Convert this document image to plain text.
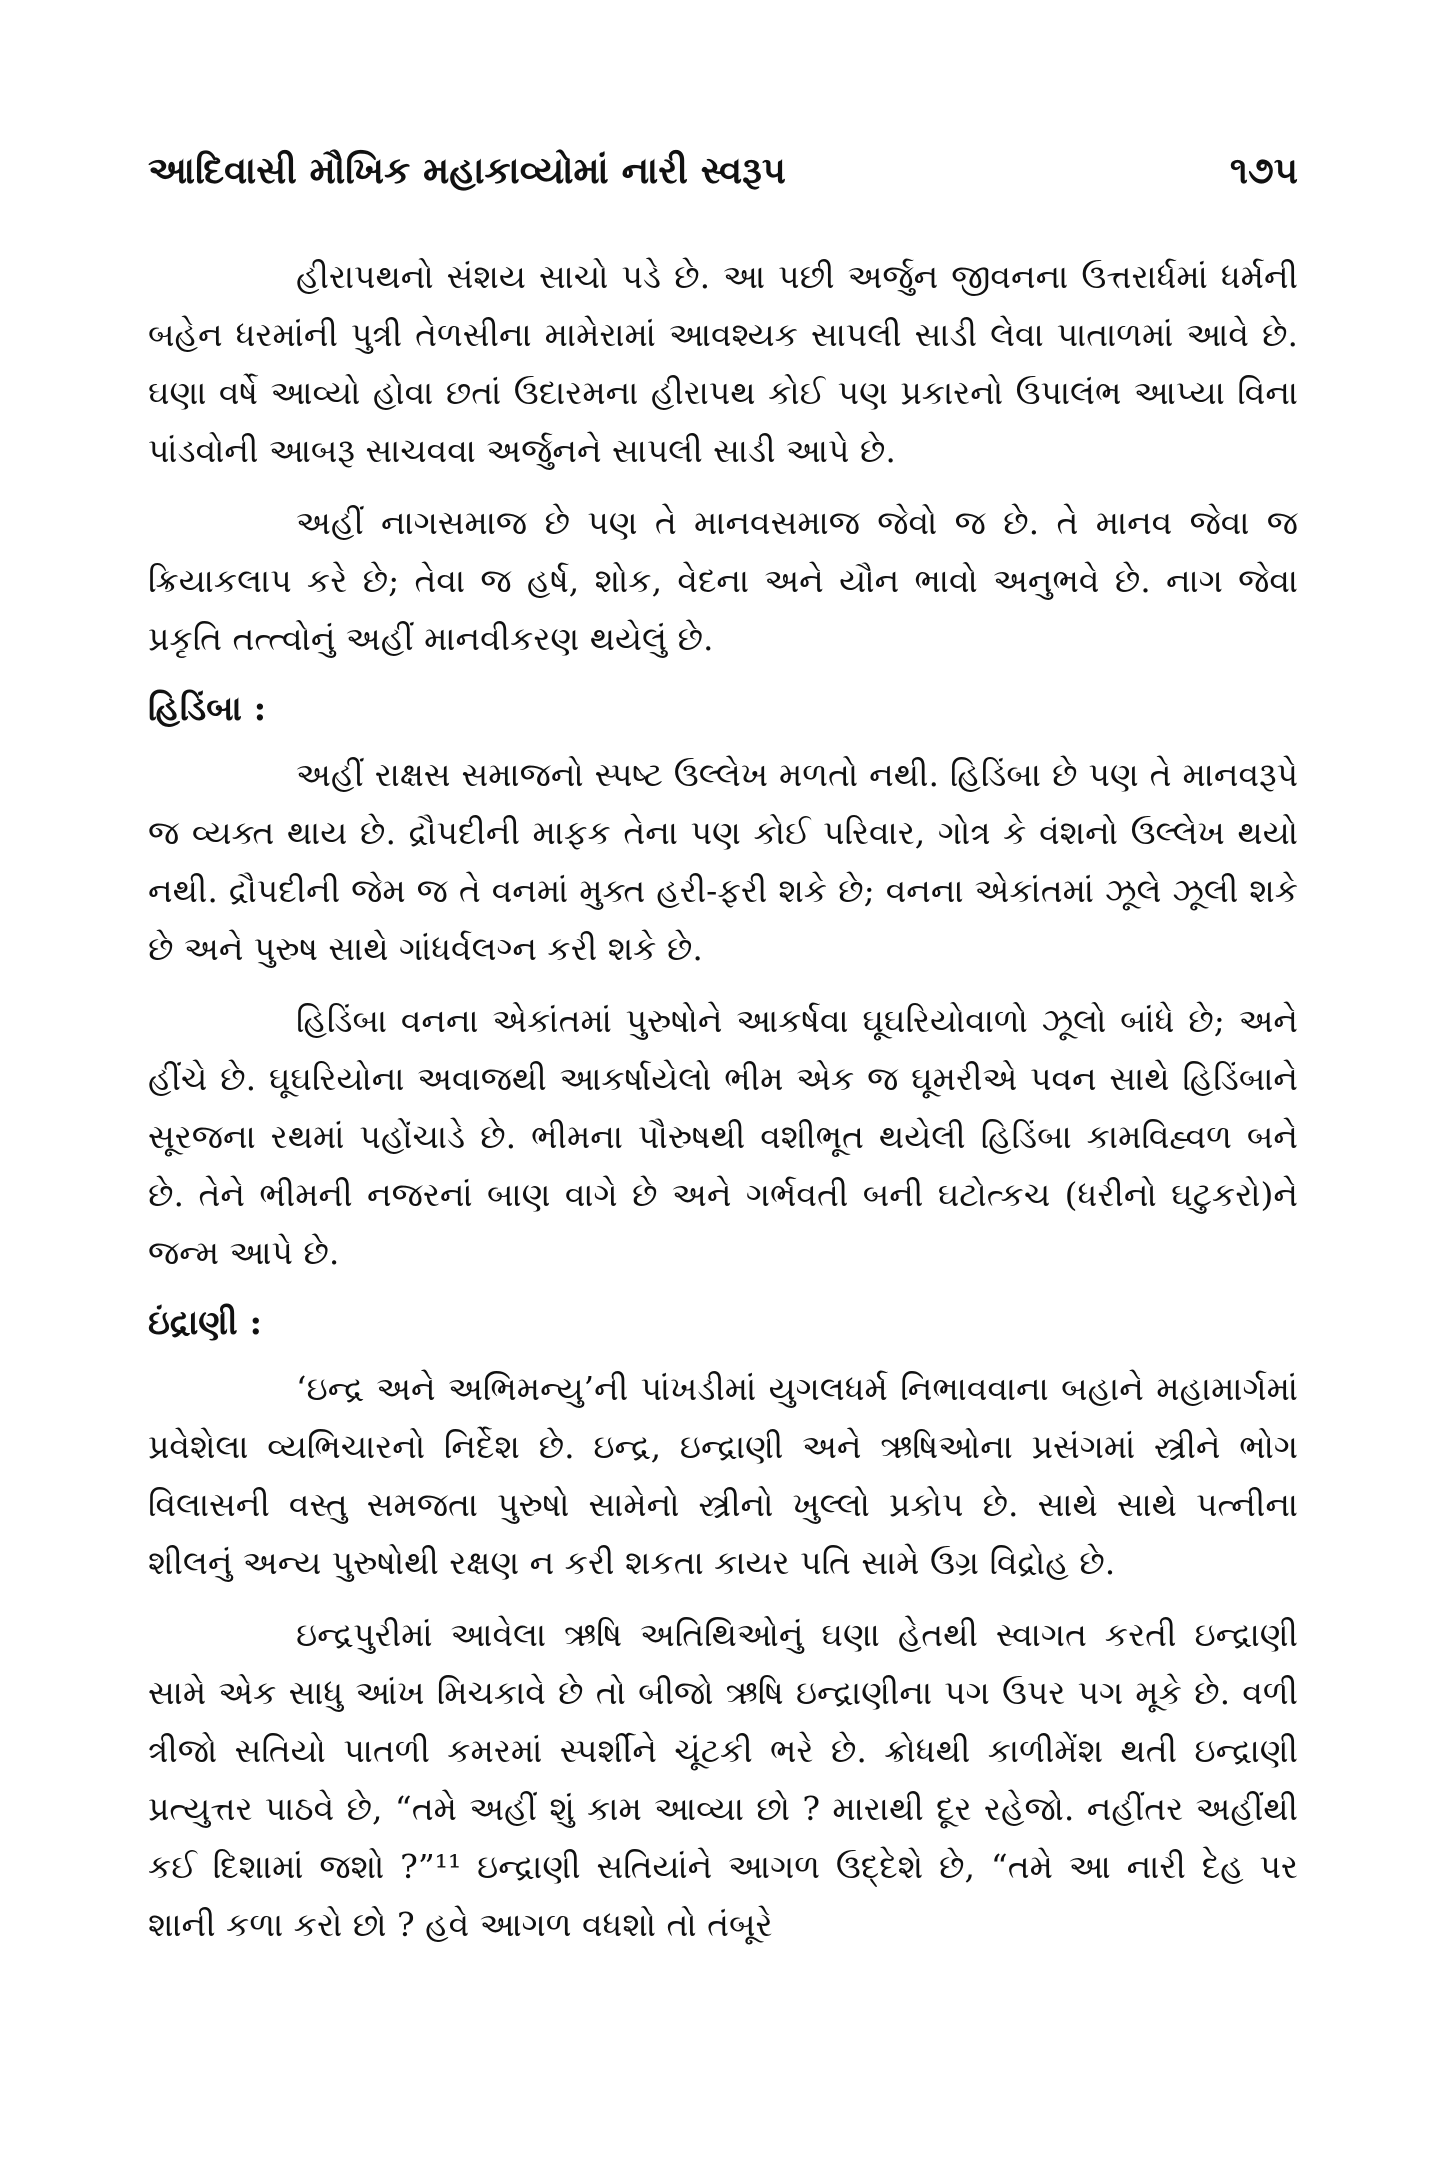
આદિવાસી મૌખિક મહાકાવ્યોમાં નારી સ્વરૂપ	૧૭૫

હીરાપથનો સંશય સાચો પડે છે. આ પછી અર્જુન જીવનના ઉત્તરાર્ધમાં ધર્મની બહેન ધરમાંની પુત્રી તેળસીના મામેરામાં આવશ્યક સાપલી સાડી લેવા પાતાળમાં આવે છે. ઘણા વર્ષે આવ્યો હોવા છતાં ઉદારમના હીરાપથ કોઈ પણ પ્રકારનો ઉપાલંભ આપ્યા વિના પાંડવોની આબરૂ સાચવવા અર્જુનને સાપલી સાડી આપે છે.

અહીં નાગસમાજ છે પણ તે માનવસમાજ જેવો જ છે. તે માનવ જેવા જ ક્રિયાકલાપ કરે છે; તેવા જ હર્ષ, શોક, વેદના અને યૌન ભાવો અનુભવે છે. નાગ જેવા પ્રકૃતિ તત્ત્વોનું અહીં માનવીકરણ થયેલું છે.

હિડિંબા :

અહીં રાક્ષસ સમાજનો સ્પષ્ટ ઉલ્લેખ મળતો નથી. હિડિંબા છે પણ તે માનવરૂપે જ વ્યક્ત થાય છે. દ્રૌપદીની માફક તેના પણ કોઈ પરિવાર, ગોત્ર કે વંશનો ઉલ્લેખ થયો નથી. દ્રૌપદીની જેમ જ તે વનમાં મુક્ત હરી-ફરી શકે છે; વનના એકાંતમાં ઝૂલે ઝૂલી શકે છે અને પુરુષ સાથે ગાંધર્વલગ્ન કરી શકે છે.

હિડિંબા વનના એકાંતમાં પુરુષોને આકર્ષવા ઘૂઘરિયોવાળો ઝૂલો બાંધે છે; અને હીંચે છે. ઘૂઘરિયોના અવાજથી આકર્ષાયેલો ભીમ એક જ ઘૂમરીએ પવન સાથે હિડિંબાને સૂરજના રથમાં પહોંચાડે છે. ભીમના પૌરુષથી વશીભૂત થયેલી હિડિંબા કામવિહ્વળ બને છે. તેને ભીમની નજરનાં બાણ વાગે છે અને ગર્ભવતી બની ઘટોત્કચ (ધરીનો ઘટુકરો)ને જન્મ આપે છે.

ઇંદ્રાણી :

‘ઇન્દ્ર અને અભિમન્યુ’ની પાંખડીમાં યુગલધર્મ નિભાવવાના બહાને મહામાર્ગમાં પ્રવેશેલા વ્યભિચારનો નિર્દેશ છે. ઇન્દ્ર, ઇન્દ્રાણી અને ઋષિઓના પ્રસંગમાં સ્ત્રીને ભોગ વિલાસની વસ્તુ સમજતા પુરુષો સામેનો સ્ત્રીનો ખુલ્લો પ્રકોપ છે. સાથે સાથે પત્નીના શીલનું અન્ય પુરુષોથી રક્ષણ ન કરી શકતા કાયર પતિ સામે ઉગ્ર વિદ્રોહ છે.

ઇન્દ્રપુરીમાં આવેલા ઋષિ અતિથિઓનું ઘણા હેતથી સ્વાગત કરતી ઇન્દ્રાણી સામે એક સાધુ આંખ મિચકાવે છે તો બીજો ઋષિ ઇન્દ્રાણીના પગ ઉપર પગ મૂકે છે. વળી ત્રીજો સતિયો પાતળી કમરમાં સ્પર્શીને ચૂંટકી ભરે છે. ક્રોધથી કાળીમેંશ થતી ઇન્દ્રાણી પ્રત્યુત્તર પાઠવે છે, “તમે અહીં શું કામ આવ્યા છો ? મારાથી દૂર રહેજો. નહીંતર અહીંથી કઈ દિશામાં જશો ?”¹¹ ઇન્દ્રાણી સતિયાંને આગળ ઉદ્દેશે છે, “તમે આ નારી દેહ પર શાની કળા કરો છો ? હવે આગળ વધશો તો તંબૂરે
